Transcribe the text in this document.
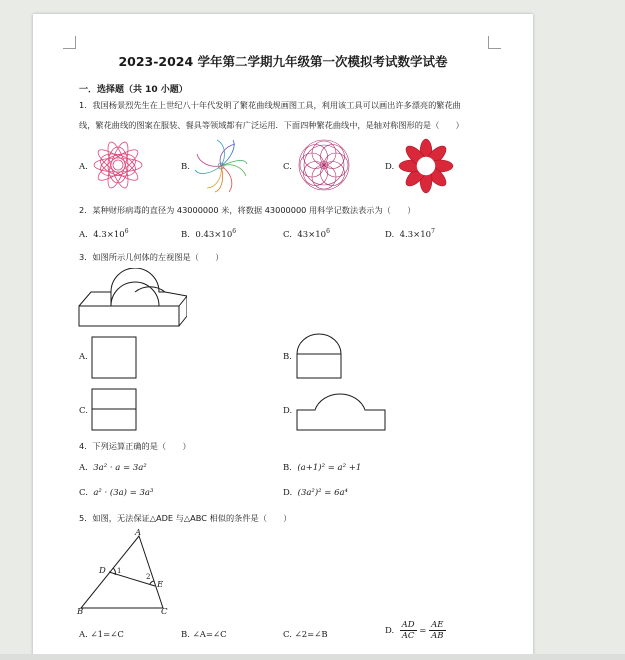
2023-2024 学年第二学期九年级第一次模拟考试数学试卷
一．选择题（共 10 小题）
1．我国杨景烈先生在上世纪八十年代发明了繁花曲线规画图工具，利用该工具可以画出许多漂亮的繁花曲
线，繁花曲线的图案在服装、餐具等领域都有广泛运用．下面四种繁花曲线中，是轴对称图形的是（　　）
A.	B.	C.	D.
2．某种财形病毒的直径为 43000000 米，将数据 43000000 用科学记数法表示为（　　）
A. $4.3\times 10^6$	B. $0.43\times 10^6$	C. $43\times 10^6$	D. $4.3\times 10^7$
3．如图所示几何体的左视图是（　　）
A.	B.
C.	D.
4．下列运算正确的是（　　）
A. 3a² · a = 3a²	B. (a+1)² = a² +1
C. a² · (3a) = 3a³	D. (3a²)² = 6a⁴
5．如图，无法保证△ADE 与△ABC 相似的条件是（　　）
A
D 1
2
E
B	C
A. ∠1=∠C	B. ∠A=∠C	C. ∠2=∠B	D. $\frac{AD}{AC} = \frac{AE}{AB}$
